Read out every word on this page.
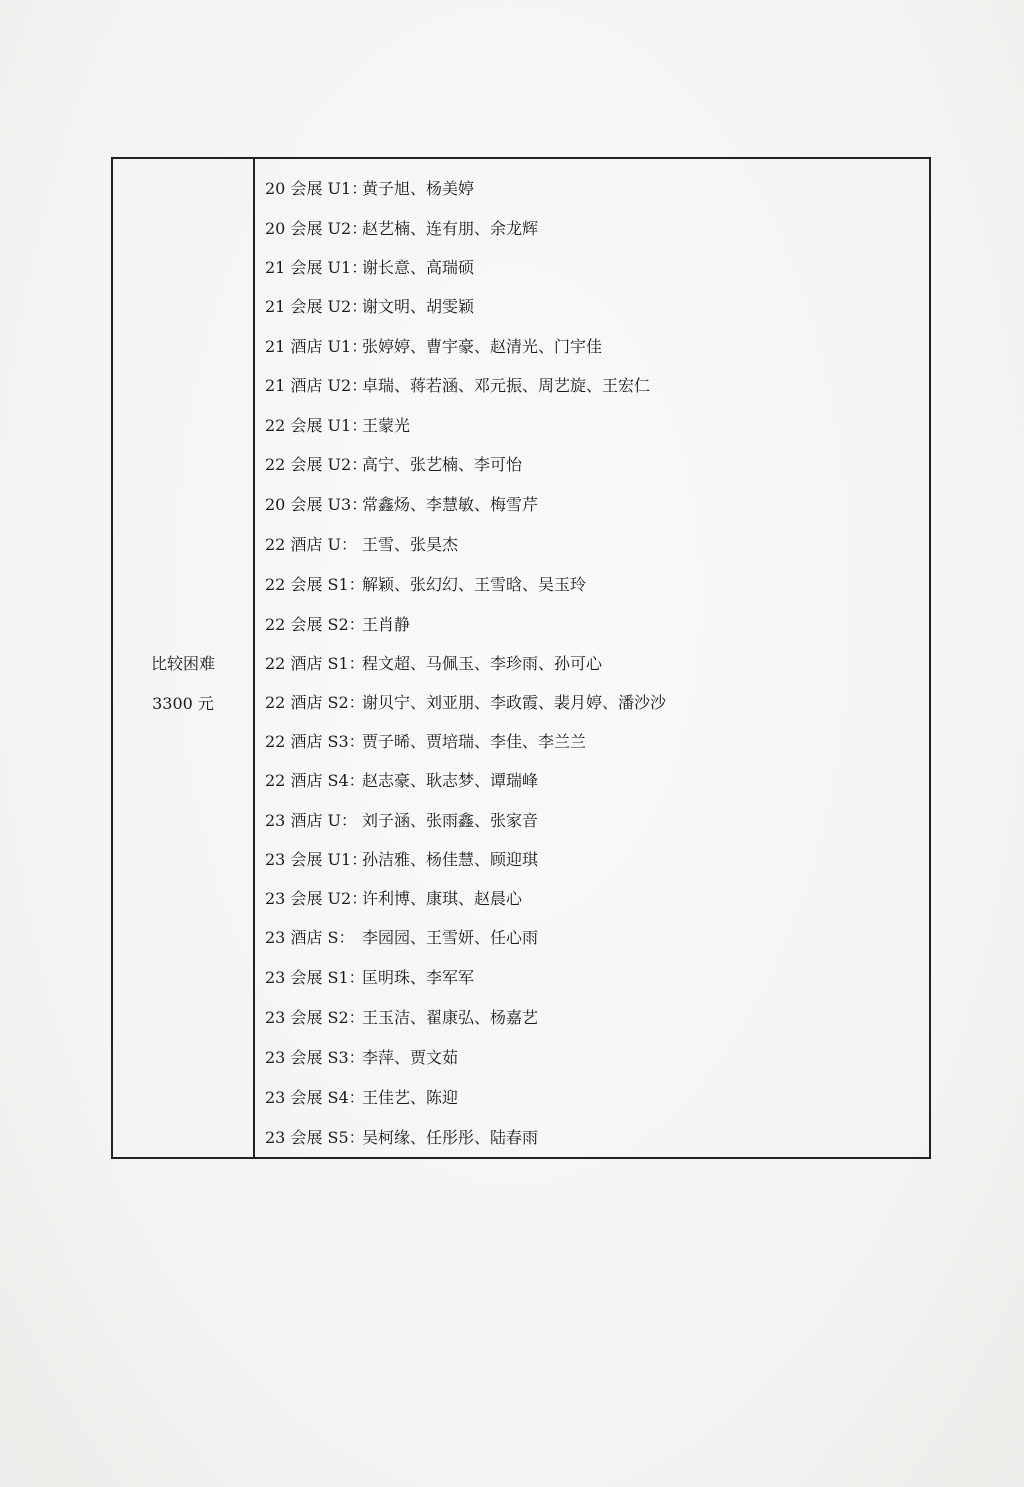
比较困难
3300 元
20 会展 U1：黄子旭、杨美婷
20 会展 U2：赵艺楠、连有朋、余龙辉
21 会展 U1：谢长意、高瑞硕
21 会展 U2：谢文明、胡雯颖
21 酒店 U1：张婷婷、曹宇豪、赵清光、门宇佳
21 酒店 U2：卓瑞、蒋若涵、邓元振、周艺旋、王宏仁
22 会展 U1：王蒙光
22 会展 U2：高宁、张艺楠、李可怡
20 会展 U3：常鑫炀、李慧敏、梅雪芹
22 酒店 U： 王雪、张昊杰
22 会展 S1：解颖、张幻幻、王雪晗、吴玉玲
22 会展 S2：王肖静
22 酒店 S1：程文超、马佩玉、李珍雨、孙可心
22 酒店 S2：谢贝宁、刘亚朋、李政霞、裴月婷、潘沙沙
22 酒店 S3：贾子晞、贾培瑞、李佳、李兰兰
22 酒店 S4：赵志豪、耿志梦、谭瑞峰
23 酒店 U： 刘子涵、张雨鑫、张家音
23 会展 U1：孙洁雅、杨佳慧、顾迎琪
23 会展 U2：许利博、康琪、赵晨心
23 酒店 S： 李园园、王雪妍、任心雨
23 会展 S1：匡明珠、李军军
23 会展 S2：王玉洁、翟康弘、杨嘉艺
23 会展 S3：李萍、贾文茹
23 会展 S4：王佳艺、陈迎
23 会展 S5：吴柯缘、任彤彤、陆春雨
